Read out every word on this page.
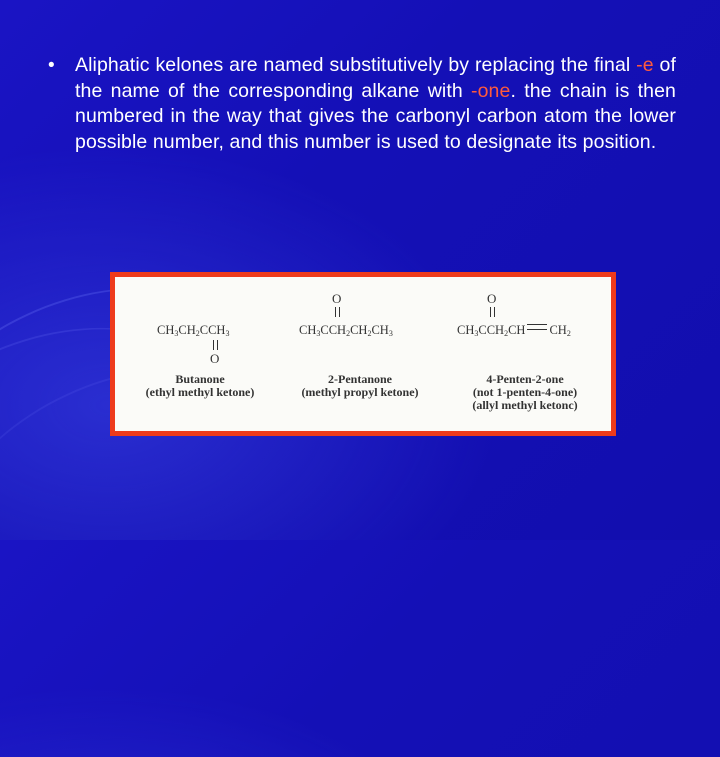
• Aliphatic kelones are named substitutively by replacing the final -e of the name of the corresponding alkane with -one. the chain is then numbered in the way that gives the carbonyl carbon atom the lower possible number, and this number is used to designate its position.
$CH_3CH_2CCH_3$
O
Butanone
(ethyl methyl ketone)
O
$CH_3CCH_2CH_2CH_3$
2-Pentanone
(methyl propyl ketone)
O
$CH_3CCH_2CH$ $CH_2$
4-Penten-2-one
(not 1-penten-4-one)
(allyl methyl ketonc)
